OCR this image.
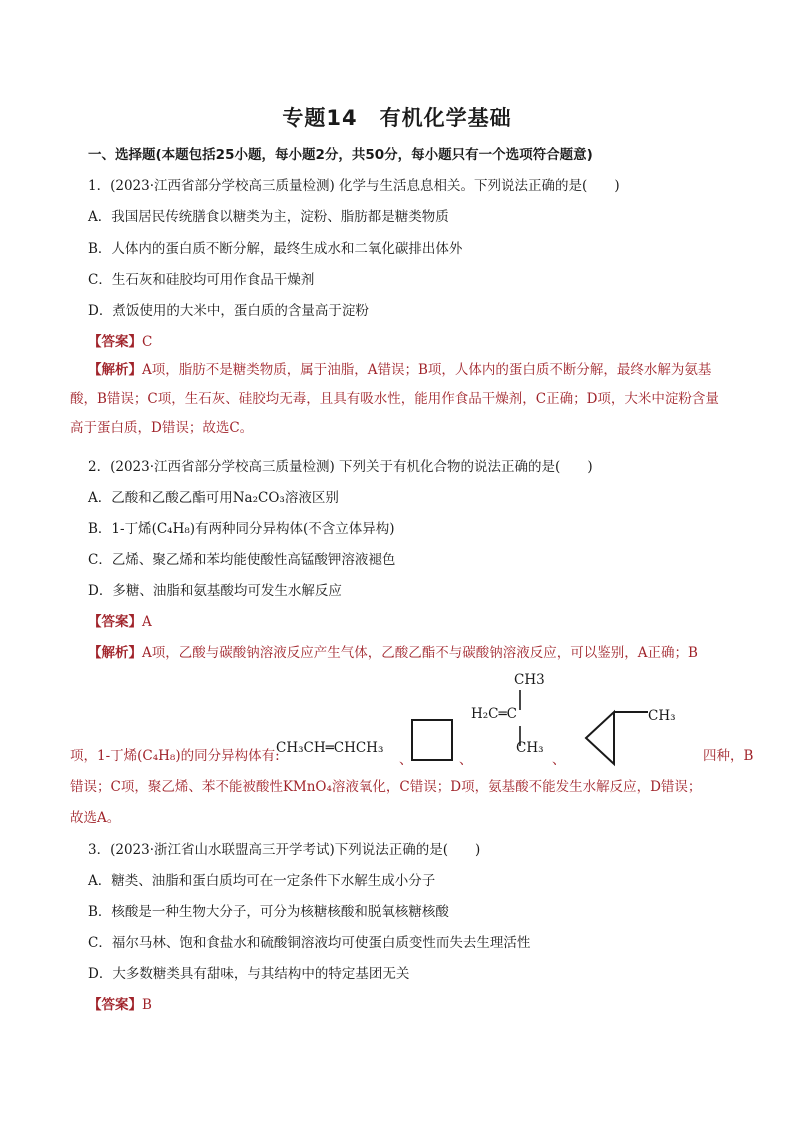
专题14　有机化学基础
一、选择题(本题包括25小题，每小题2分，共50分，每小题只有一个选项符合题意)
1．(2023·江西省部分学校高三质量检测) 化学与生活息息相关。下列说法正确的是(　　)
A．我国居民传统膳食以糖类为主，淀粉、脂肪都是糖类物质
B．人体内的蛋白质不断分解，最终生成水和二氧化碳排出体外
C．生石灰和硅胶均可用作食品干燥剂
D．煮饭使用的大米中，蛋白质的含量高于淀粉
【答案】C
【解析】A项，脂肪不是糖类物质，属于油脂，A错误；B项，人体内的蛋白质不断分解，最终水解为氨基酸，B错误；C项，生石灰、硅胶均无毒，且具有吸水性，能用作食品干燥剂，C正确；D项，大米中淀粉含量高于蛋白质，D错误；故选C。
2．(2023·江西省部分学校高三质量检测) 下列关于有机化合物的说法正确的是(　　)
A．乙酸和乙酸乙酯可用Na₂CO₃溶液区别
B．1-丁烯(C₄H₈)有两种同分异构体(不含立体异构)
C．乙烯、聚乙烯和苯均能使酸性高锰酸钾溶液褪色
D．多糖、油脂和氨基酸均可发生水解反应
【答案】A
【解析】A项，乙酸与碳酸钠溶液反应产生气体，乙酸乙酯不与碳酸钠溶液反应，可以鉴别，A正确；B
项，1-丁烯(C₄H₈)的同分异构体有:
CH₃CH═CHCH₃
、	、
CH3
H₂C═C
CH₃
、
CH₃
四种，B
错误；C项，聚乙烯、苯不能被酸性KMnO₄溶液氧化，C错误；D项，氨基酸不能发生水解反应，D错误；
故选A。
3．(2023·浙江省山水联盟高三开学考试)下列说法正确的是(　　)
A．糖类、油脂和蛋白质均可在一定条件下水解生成小分子
B．核酸是一种生物大分子，可分为核糖核酸和脱氧核糖核酸
C．福尔马林、饱和食盐水和硫酸铜溶液均可使蛋白质变性而失去生理活性
D．大多数糖类具有甜味，与其结构中的特定基团无关
【答案】B
